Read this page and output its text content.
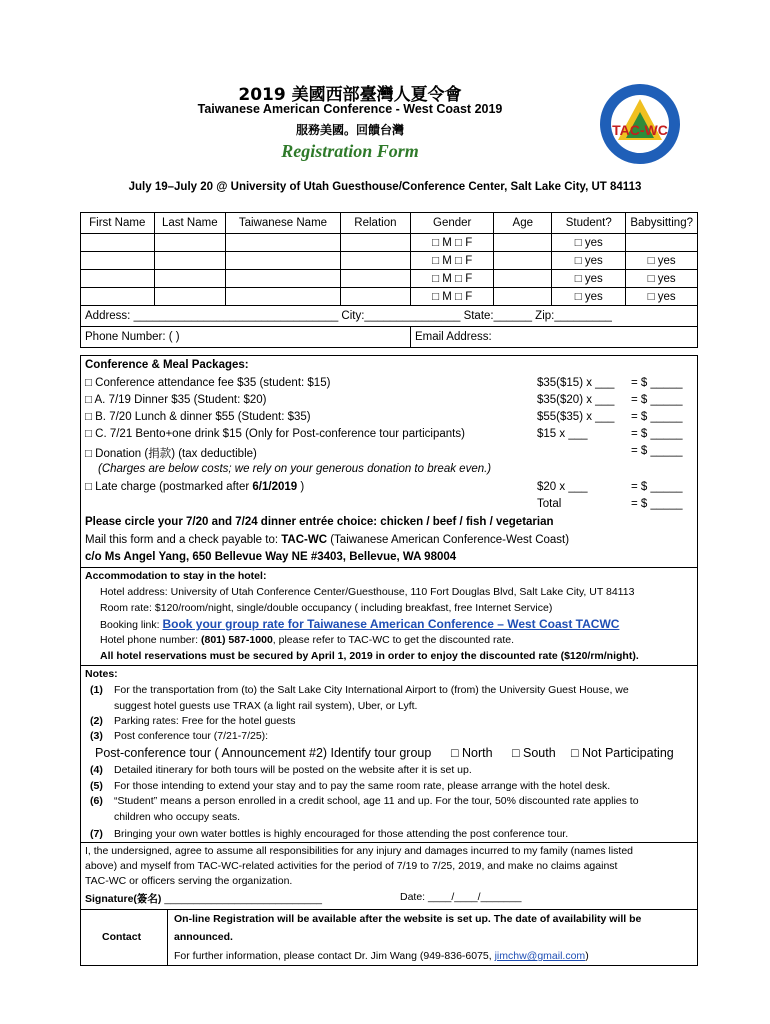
2019 美國西部臺灣人夏令會
Taiwanese American Conference - West Coast 2019
服務美國。回饋台灣
Registration Form
TAC-WC
July 19–July 20 @ University of Utah Guesthouse/Conference Center, Salt Lake City, UT 84113
First Name	Last Name	Taiwanese Name	Relation	Gender	Age	Student?	Babysitting?
				□ M □ F		□ yes	
				□ M □ F		□ yes	□ yes
				□ M □ F		□ yes	□ yes
				□ M □ F		□ yes	□ yes
Address: ________________________________ City:_______________ State:______ Zip:_________							
Phone Number: ( )				Email Address:			
Conference & Meal Packages:
□ Conference attendance fee $35 (student: $15)	$35($15) x ___ = $ _____
□ A. 7/19 Dinner $35 (Student: $20)	$35($20) x ___ = $ _____
□ B. 7/20 Lunch & dinner $55 (Student: $35)	$55($35) x ___ = $ _____
□ C. 7/21 Bento+one drink $15 (Only for Post-conference tour participants)	$15 x ___	= $ _____
□ Donation (捐款) (tax deductible)	= $ _____
(Charges are below costs; we rely on your generous donation to break even.)
□ Late charge (postmarked after 6/1/2019 )	$20 x ___	= $ _____
Total	= $ _____
Please circle your 7/20 and 7/24 dinner entrée choice: chicken / beef / fish / vegetarian
Mail this form and a check payable to: TAC-WC (Taiwanese American Conference-West Coast)
c/o Ms Angel Yang, 650 Bellevue Way NE #3403, Bellevue, WA 98004
Accommodation to stay in the hotel:
Hotel address: University of Utah Conference Center/Guesthouse, 110 Fort Douglas Blvd, Salt Lake City, UT 84113
Room rate: $120/room/night, single/double occupancy ( including breakfast, free Internet Service)
Booking link: Book your group rate for Taiwanese American Conference – West Coast TACWC
Hotel phone number: (801) 587-1000, please refer to TAC-WC to get the discounted rate.
All hotel reservations must be secured by April 1, 2019 in order to enjoy the discounted rate ($120/rm/night).
Notes:
(1) For the transportation from (to) the Salt Lake City International Airport to (from) the University Guest House, we
suggest hotel guests use TRAX (a light rail system), Uber, or Lyft.
(2) Parking rates: Free for the hotel guests
(3) Post conference tour (7/21-7/25):
Post-conference tour ( Announcement #2) Identify tour group □ North □ South □ Not Participating
(4) Detailed itinerary for both tours will be posted on the website after it is set up.
(5) For those intending to extend your stay and to pay the same room rate, please arrange with the hotel desk.
(6) “Student” means a person enrolled in a credit school, age 11 and up. For the tour, 50% discounted rate applies to
children who occupy seats.
(7) Bringing your own water bottles is highly encouraged for those attending the post conference tour.
I, the undersigned, agree to assume all responsibilities for any injury and damages incurred to my family (names listed
above) and myself from TAC-WC-related activities for the period of 7/19 to 7/25, 2019, and make no claims against
TAC-WC or officers serving the organization.
Signature(簽名) ___________________________	Date: ____/____/_______
Contact
On-line Registration will be available after the website is set up. The date of availability will be
announced.
For further information, please contact Dr. Jim Wang (949-836-6075, jimchw@gmail.com)
